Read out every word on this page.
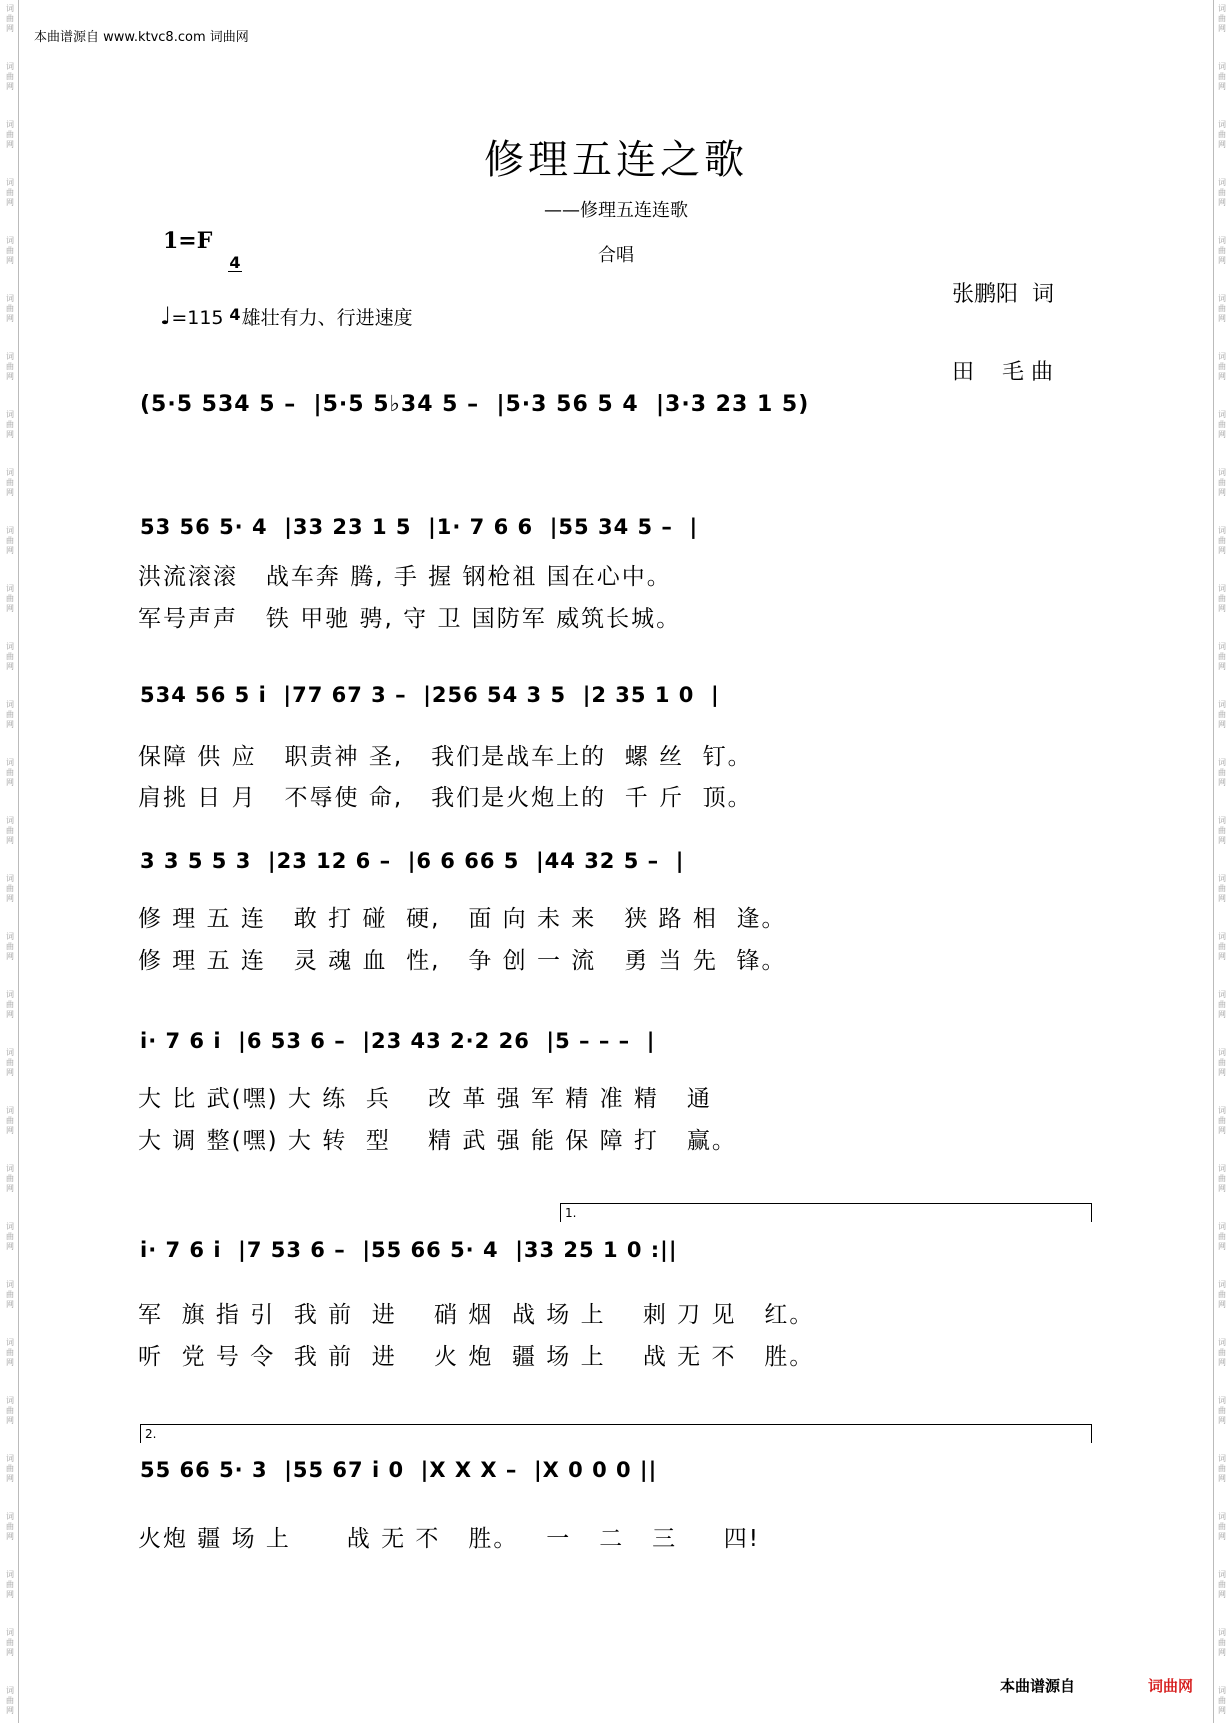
词曲网
词曲网
词曲网
词曲网
词曲网
词曲网
词曲网
词曲网
词曲网
词曲网
词曲网
词曲网
词曲网
词曲网
词曲网
词曲网
词曲网
词曲网
词曲网
词曲网
词曲网
词曲网
词曲网
词曲网
词曲网
词曲网
词曲网
词曲网
词曲网
词曲网
词曲网
词曲网
词曲网
词曲网
词曲网
词曲网
词曲网
词曲网
词曲网
词曲网
词曲网
词曲网
词曲网
词曲网
词曲网
词曲网
词曲网
词曲网
词曲网
词曲网
词曲网
词曲网
词曲网
词曲网
词曲网
词曲网
词曲网
词曲网
词曲网
词曲网
本曲谱源自 www.ktvc8.com 词曲网
修理五连之歌
——修理五连连歌
1=F

4

4

合唱

张鹏阳  词

田    毛 曲

♩=115 雄壮有力、行进速度
(5·5 534 5 –  |5·5 5♭34 5 –  |5·3 56 5 4  |3·3 23 1 5)
53 56 5· 4  |33 23 1 5  |1· 7 6 6  |55 34 5 –  |
洪流滚滚   战车奔 腾, 手 握 钢枪祖 国在心中。
军号声声   铁 甲驰 骋, 守 卫 国防军 威筑长城。
534 56 5 i  |77 67 3 –  |256 54 3 5  |2 35 1 0  |
保障 供 应   职责神 圣,   我们是战车上的  螺 丝  钉。
肩挑 日 月   不辱使 命,   我们是火炮上的  千 斤  顶。
3 3 5 5 3  |23 12 6 –  |6 6 66 5  |44 32 5 –  |
修 理 五 连   敢 打 碰  硬,   面 向 未 来   狭 路 相  逢。
修 理 五 连   灵 魂 血  性,   争 创 一 流   勇 当 先  锋。
i· 7 6 i  |6 53 6 –  |23 43 2·2 26  |5 – – –  |
大 比 武(嘿) 大 练  兵    改 革 强 军 精 准 精   通
大 调 整(嘿) 大 转  型    精 武 强 能 保 障 打   赢。
1.
i· 7 6 i  |7 53 6 –  |55 66 5· 4  |33 25 1 0 :||
军  旗 指 引  我 前  进    硝 烟  战 场 上    刺 刀 见   红。
听  党 号 令  我 前  进    火 炮  疆 场 上    战 无 不   胜。
2.
55 66 5· 3  |55 67 i 0  |X X X –  |X 0 0 0 ||
火炮 疆 场 上      战 无 不   胜。   一   二   三     四!
本曲谱源自	词曲网
